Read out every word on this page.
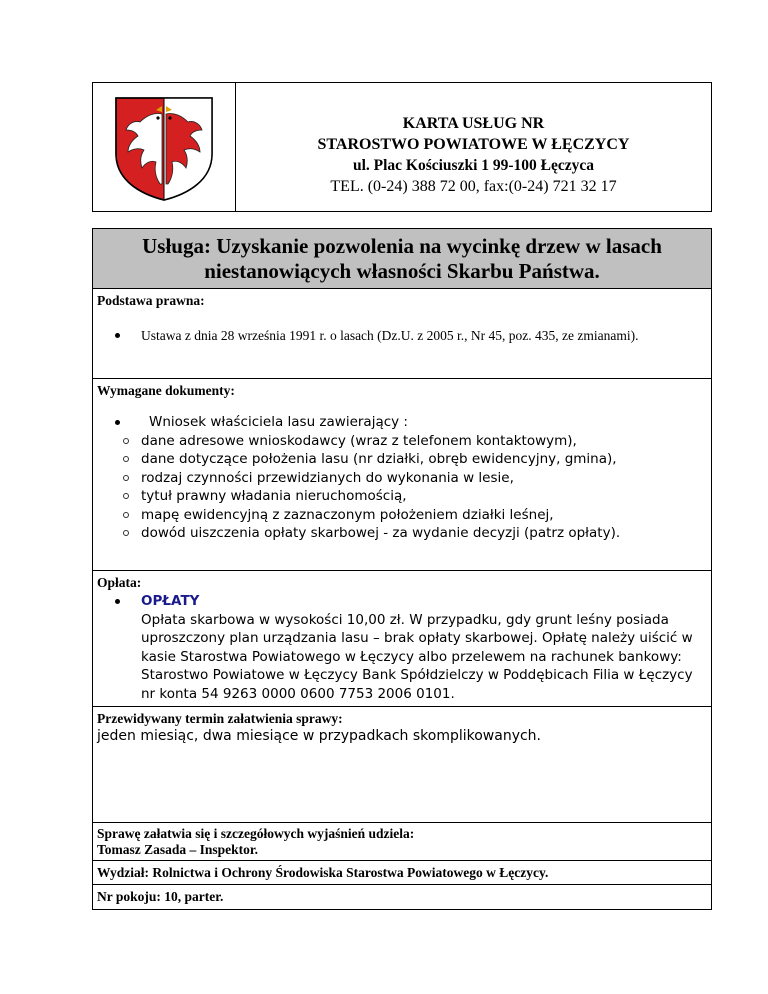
KARTA USŁUG NR
STAROSTWO POWIATOWE W ŁĘCZYCY
ul. Plac Kościuszki 1 99-100 Łęczyca
TEL. (0-24) 388 72 00, fax:(0-24) 721 32 17
Usługa: Uzyskanie pozwolenia na wycinkę drzew w lasach niestanowiących własności Skarbu Państwa.
Podstawa prawna:
Ustawa z dnia 28 września 1991 r. o lasach (Dz.U. z 2005 r., Nr 45, poz. 435, ze zmianami).
Wymagane dokumenty:
Wniosek właściciela lasu zawierający :
dane adresowe wnioskodawcy (wraz z telefonem kontaktowym),
dane dotyczące położenia lasu (nr działki, obręb ewidencyjny, gmina),
rodzaj czynności przewidzianych do wykonania w lesie,
tytuł prawny władania nieruchomością,
mapę ewidencyjną z zaznaczonym położeniem działki leśnej,
dowód uiszczenia opłaty skarbowej - za wydanie decyzji (patrz opłaty).
Opłata:
OPŁATY
Opłata skarbowa w wysokości 10,00 zł. W przypadku, gdy grunt leśny posiada
uproszczony plan urządzania lasu – brak opłaty skarbowej. Opłatę należy uiścić w
kasie Starostwa Powiatowego w Łęczycy albo przelewem na rachunek bankowy:
Starostwo Powiatowe w Łęczycy Bank Spółdzielczy w Poddębicach Filia w Łęczycy
nr konta 54 9263 0000 0600 7753 2006 0101.
Przewidywany termin załatwienia sprawy:
jeden miesiąc, dwa miesiące w przypadkach skomplikowanych.
Sprawę załatwia się i szczegółowych wyjaśnień udziela:
Tomasz Zasada – Inspektor.
Wydział: Rolnictwa i Ochrony Środowiska Starostwa Powiatowego w Łęczycy.
Nr pokoju: 10, parter.
